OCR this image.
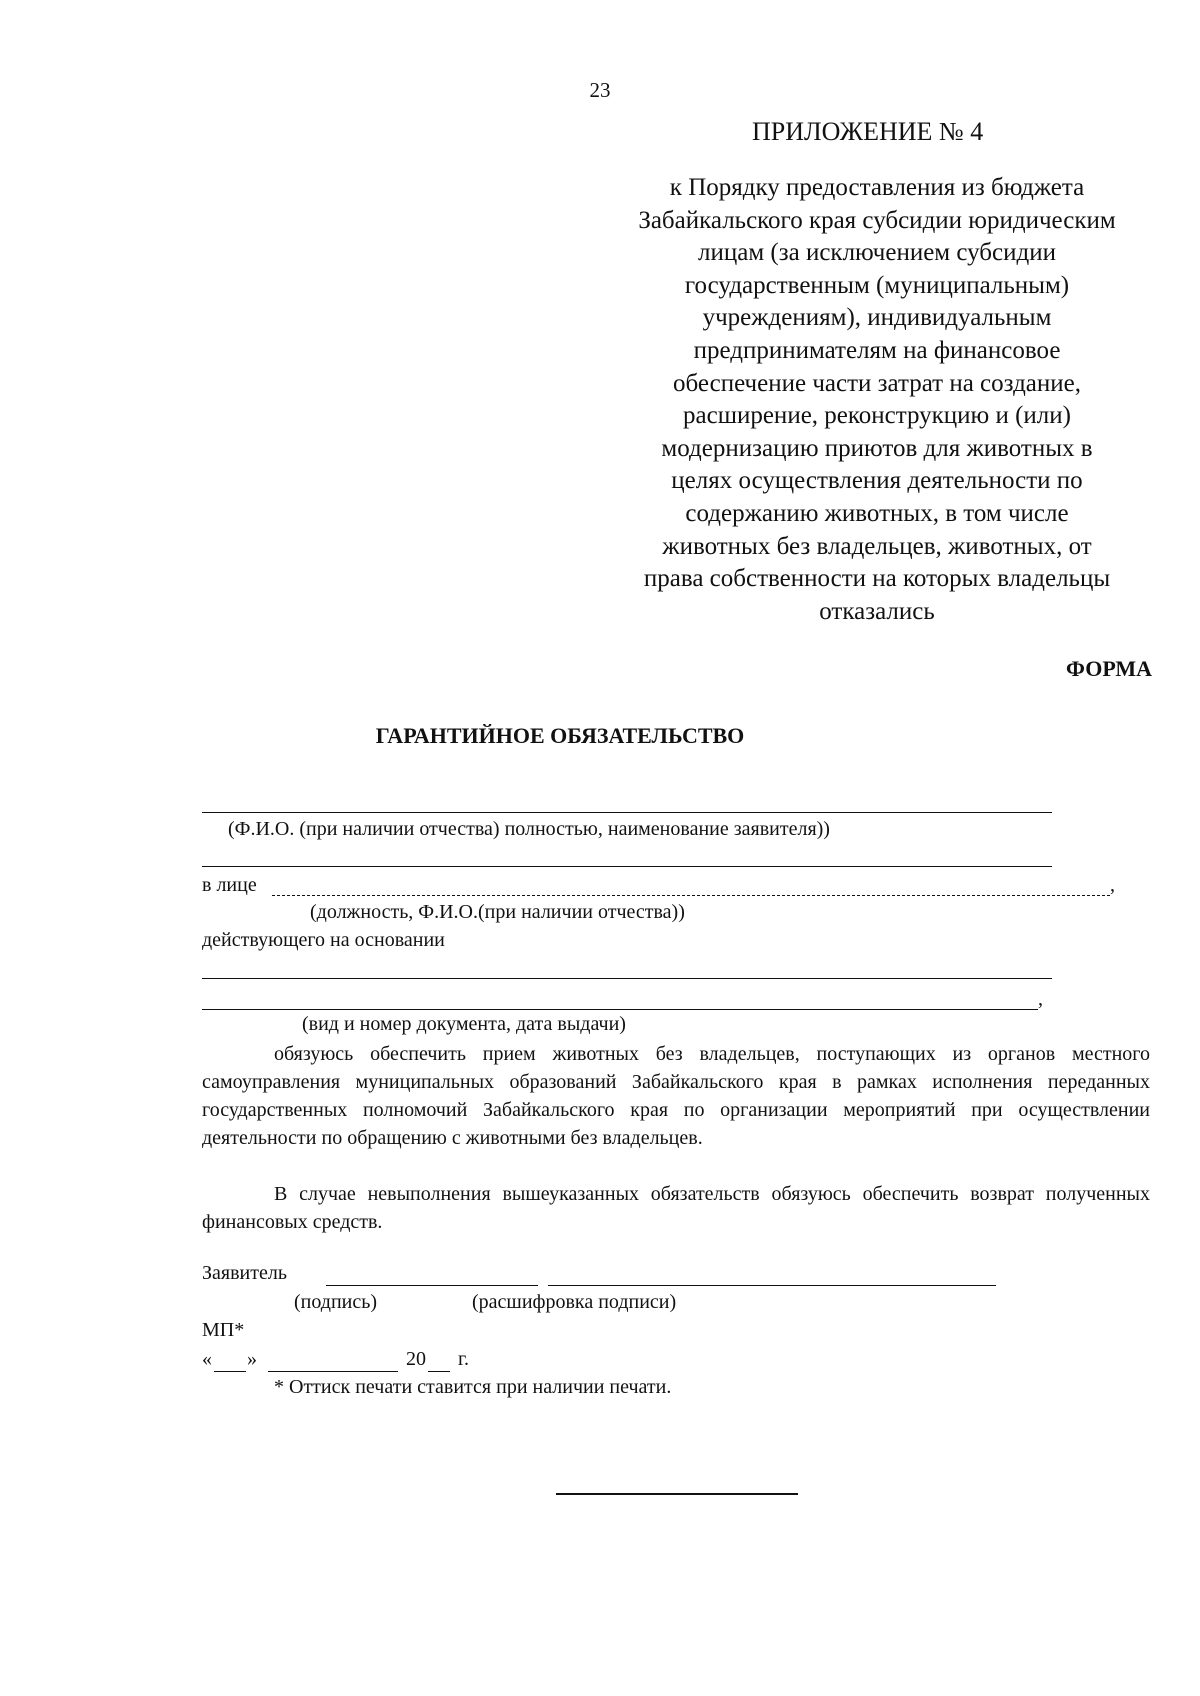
23
ПРИЛОЖЕНИЕ № 4
к Порядку предоставления из бюджета
Забайкальского края субсидии юридическим
лицам (за исключением субсидии
государственным (муниципальным)
учреждениям), индивидуальным
предпринимателям на финансовое
обеспечение части затрат на создание,
расширение, реконструкцию и (или)
модернизацию приютов для животных в
целях осуществления деятельности по
содержанию животных, в том числе
животных без владельцев, животных, от
права собственности на которых владельцы
отказались
ФОРМА
ГАРАНТИЙНОЕ ОБЯЗАТЕЛЬСТВО
(Ф.И.О. (при наличии отчества) полностью, наименование заявителя))
в лице	,
(должность, Ф.И.О.(при наличии отчества))
действующего на основании
,
(вид и номер документа, дата выдачи)
обязуюсь обеспечить прием животных без владельцев, поступающих из органов местного самоуправления муниципальных образований Забайкальского края в рамках исполнения переданных государственных полномочий Забайкальского края по организации мероприятий при осуществлении деятельности по обращению с животными без владельцев.
В случае невыполнения вышеуказанных обязательств обязуюсь обеспечить возврат полученных финансовых средств.
Заявитель
(подпись)	(расшифровка подписи)
МП*
« »	20 г.
* Оттиск печати ставится при наличии печати.
